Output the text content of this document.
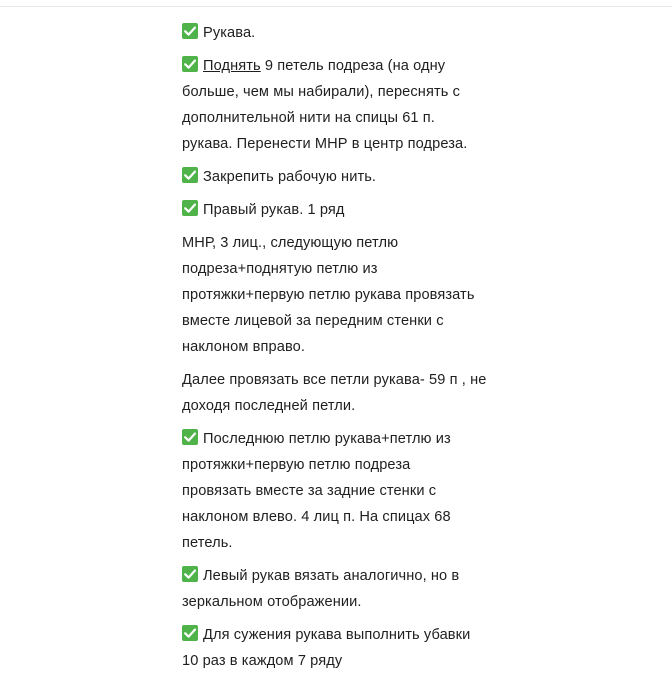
Рукава.

Поднять 9 петель подреза (на одну
больше, чем мы набирали), переснять с
дополнительной нити на спицы 61 п.
рукава. Перенести МНР в центр подреза.

Закрепить рабочую нить.

Правый рукав. 1 ряд

МНР, 3 лиц., следующую петлю
подреза+поднятую петлю из
протяжки+первую петлю рукава провязать
вместе лицевой за передним стенки с
наклоном вправо.

Далее провязать все петли рукава- 59 п , не
доходя последней петли.

Последнюю петлю рукава+петлю из
протяжки+первую петлю подреза
провязать вместе за задние стенки с
наклоном влево. 4 лиц п. На спицах 68
петель.

Левый рукав вязать аналогично, но в
зеркальном отображении.

Для сужения рукава выполнить убавки
10 раз в каждом 7 ряду
